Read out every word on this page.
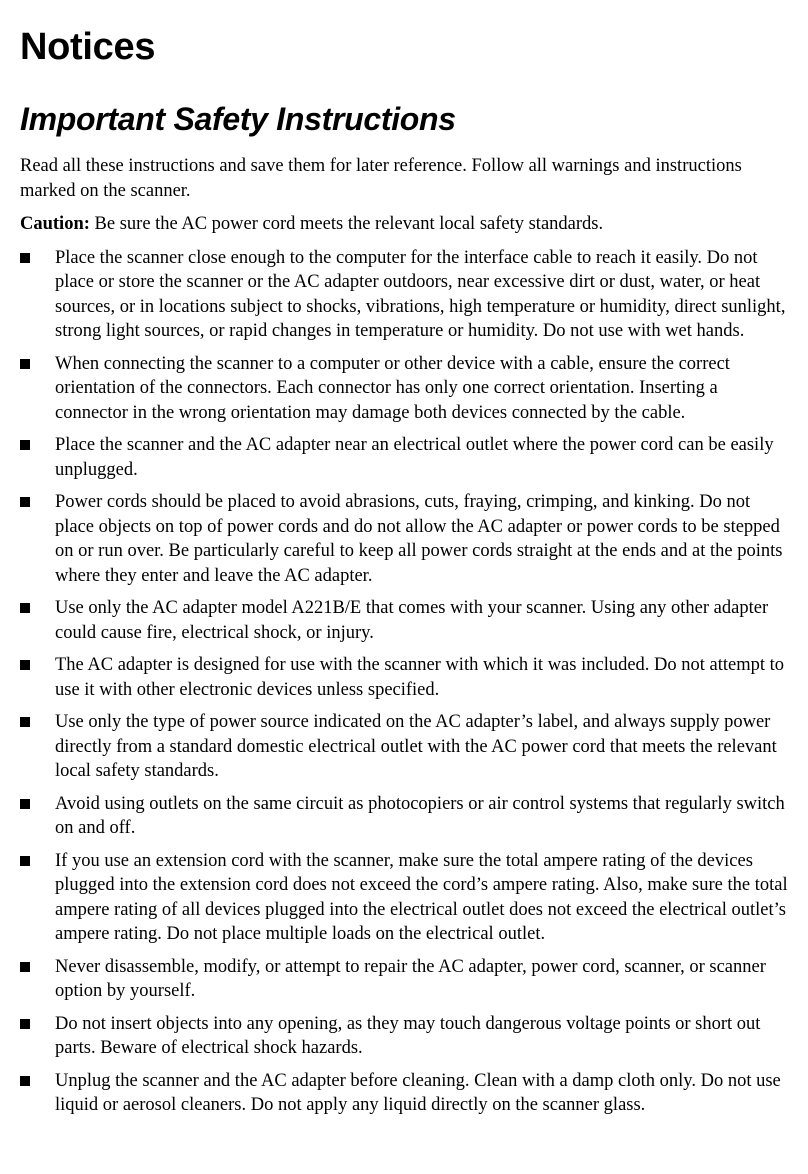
Notices
Important Safety Instructions

Read all these instructions and save them for later reference. Follow all warnings and instructions marked on the scanner.

Caution: Be sure the AC power cord meets the relevant local safety standards.

Place the scanner close enough to the computer for the interface cable to reach it easily. Do not place or store the scanner or the AC adapter outdoors, near excessive dirt or dust, water, or heat sources, or in locations subject to shocks, vibrations, high temperature or humidity, direct sunlight, strong light sources, or rapid changes in temperature or humidity. Do not use with wet hands.
When connecting the scanner to a computer or other device with a cable, ensure the correct orientation of the connectors. Each connector has only one correct orientation. Inserting a connector in the wrong orientation may damage both devices connected by the cable.
Place the scanner and the AC adapter near an electrical outlet where the power cord can be easily unplugged.
Power cords should be placed to avoid abrasions, cuts, fraying, crimping, and kinking. Do not place objects on top of power cords and do not allow the AC adapter or power cords to be stepped on or run over. Be particularly careful to keep all power cords straight at the ends and at the points where they enter and leave the AC adapter.
Use only the AC adapter model A221B/E that comes with your scanner. Using any other adapter could cause fire, electrical shock, or injury.
The AC adapter is designed for use with the scanner with which it was included. Do not attempt to use it with other electronic devices unless specified.
Use only the type of power source indicated on the AC adapter’s label, and always supply power directly from a standard domestic electrical outlet with the AC power cord that meets the relevant local safety standards.
Avoid using outlets on the same circuit as photocopiers or air control systems that regularly switch on and off.
If you use an extension cord with the scanner, make sure the total ampere rating of the devices plugged into the extension cord does not exceed the cord’s ampere rating. Also, make sure the total ampere rating of all devices plugged into the electrical outlet does not exceed the electrical outlet’s ampere rating. Do not place multiple loads on the electrical outlet.
Never disassemble, modify, or attempt to repair the AC adapter, power cord, scanner, or scanner option by yourself.
Do not insert objects into any opening, as they may touch dangerous voltage points or short out parts. Beware of electrical shock hazards.
Unplug the scanner and the AC adapter before cleaning. Clean with a damp cloth only. Do not use liquid or aerosol cleaners. Do not apply any liquid directly on the scanner glass.
